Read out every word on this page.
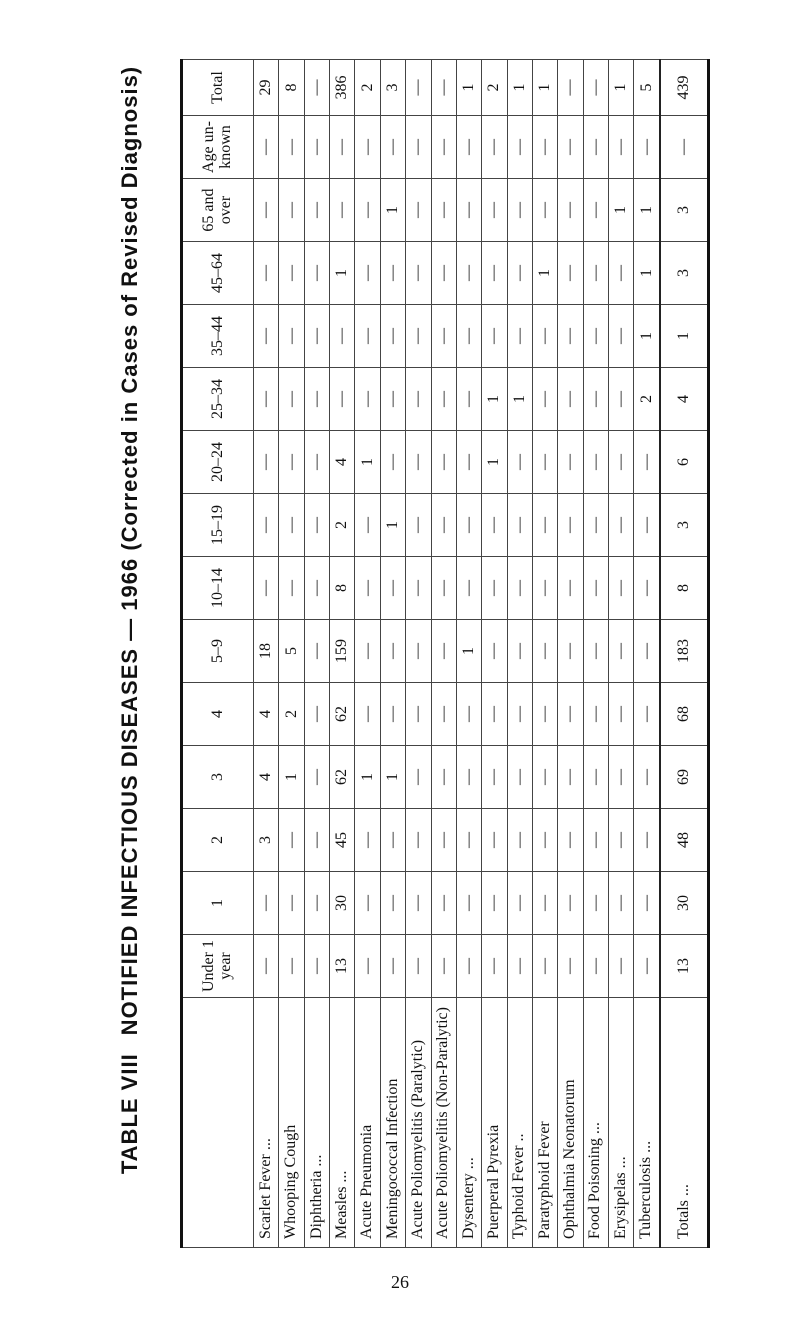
TABLE VIII
NOTIFIED INFECTIOUS DISEASES — 1966 (Corrected in Cases of Revised Diagnosis)
		Under 1 year	1	2	3	4	5–9	10–14	15–19	20–24	25–34	35–44	45–64	65 and over	Age un-known	Total
Scarlet Fever ...	—	—	3	4	4	18	—	—	—	—	—	—	—	—	29
Whooping Cough	—	—	—	1	2	5	—	—	—	—	—	—	—	—	8
Diphtheria ...	—	—	—	—	—	—	—	—	—	—	—	—	—	—	—
Measles ...	13	30	45	62	62	159	8	2	4	—	—	1	—	—	386
Acute Pneumonia	—	—	—	1	—	—	—	—	1	—	—	—	—	—	2
Meningococcal Infection	—	—	—	1	—	—	—	1	—	—	—	—	1	—	3
Acute Poliomyelitis (Paralytic)	—	—	—	—	—	—	—	—	—	—	—	—	—	—	—
Acute Poliomyelitis (Non-Paralytic)	—	—	—	—	—	—	—	—	—	—	—	—	—	—	—
Dysentery ...	—	—	—	—	—	1	—	—	—	—	—	—	—	—	1
Puerperal Pyrexia	—	—	—	—	—	—	—	—	1	1	—	—	—	—	2
Typhoid Fever ..	—	—	—	—	—	—	—	—	—	1	—	—	—	—	1
Paratyphoid Fever	—	—	—	—	—	—	—	—	—	—	—	1	—	—	1
Ophthalmia Neonatorum	—	—	—	—	—	—	—	—	—	—	—	—	—	—	—
Food Poisoning ...	—	—	—	—	—	—	—	—	—	—	—	—	—	—	—
Erysipelas ...	—	—	—	—	—	—	—	—	—	—	—	—	1	—	1
Tuberculosis ...	—	—	—	—	—	—	—	—	—	2	1	1	1	—	5
Totals ...	13	30	48	69	68	183	8	3	6	4	1	3	3	—	439
26
